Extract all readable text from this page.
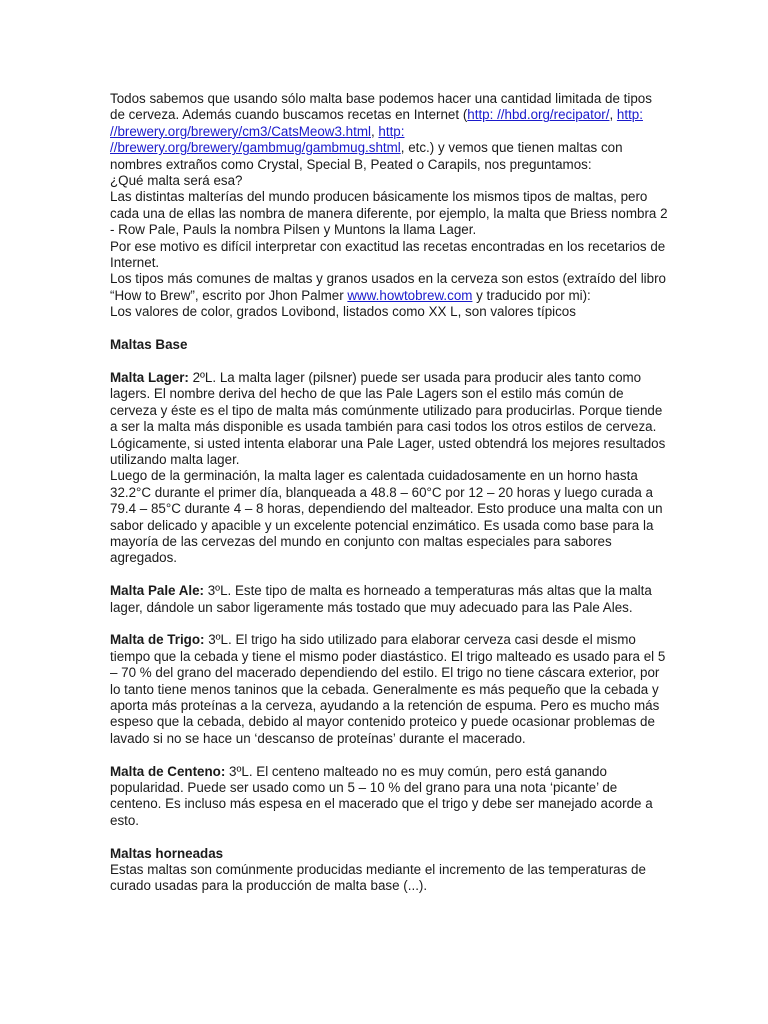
Todos sabemos que usando sólo malta base podemos hacer una cantidad limitada de tipos de cerveza. Además cuando buscamos recetas en Internet (http: //hbd.org/recipator/, http: //brewery.org/brewery/cm3/CatsMeow3.html, http: //brewery.org/brewery/gambmug/gambmug.shtml, etc.) y vemos que tienen maltas con nombres extraños como Crystal, Special B, Peated o Carapils, nos preguntamos:

¿Qué malta será esa?

Las distintas malterías del mundo producen básicamente los mismos tipos de maltas, pero cada una de ellas las nombra de manera diferente, por ejemplo, la malta que Briess nombra 2 - Row Pale, Pauls la nombra Pilsen y Muntons la llama Lager.

Por ese motivo es difícil interpretar con exactitud las recetas encontradas en los recetarios de Internet.

Los tipos más comunes de maltas y granos usados en la cerveza son estos (extraído del libro “How to Brew”, escrito por Jhon Palmer www.howtobrew.com y traducido por mi):

Los valores de color, grados Lovibond, listados como XX L, son valores típicos

Maltas Base

Malta Lager: 2ºL. La malta lager (pilsner) puede ser usada para producir ales tanto como lagers. El nombre deriva del hecho de que las Pale Lagers son el estilo más común de cerveza y éste es el tipo de malta más comúnmente utilizado para producirlas. Porque tiende a ser la malta más disponible es usada también para casi todos los otros estilos de cerveza. Lógicamente, si usted intenta elaborar una Pale Lager, usted obtendrá los mejores resultados utilizando malta lager.

Luego de la germinación, la malta lager es calentada cuidadosamente en un horno hasta 32.2°C durante el primer día, blanqueada a 48.8 – 60°C por 12 – 20 horas y luego curada a 79.4 – 85°C durante 4 – 8 horas, dependiendo del malteador. Esto produce una malta con un sabor delicado y apacible y un excelente potencial enzimático. Es usada como base para la mayoría de las cervezas del mundo en conjunto con maltas especiales para sabores agregados.

Malta Pale Ale: 3ºL. Este tipo de malta es horneado a temperaturas más altas que la malta lager, dándole un sabor ligeramente más tostado que muy adecuado para las Pale Ales.

Malta de Trigo: 3ºL. El trigo ha sido utilizado para elaborar cerveza casi desde el mismo tiempo que la cebada y tiene el mismo poder diastástico. El trigo malteado es usado para el 5 – 70 % del grano del macerado dependiendo del estilo. El trigo no tiene cáscara exterior, por lo tanto tiene menos taninos que la cebada. Generalmente es más pequeño que la cebada y aporta más proteínas a la cerveza, ayudando a la retención de espuma. Pero es mucho más espeso que la cebada, debido al mayor contenido proteico y puede ocasionar problemas de lavado si no se hace un ‘descanso de proteínas’ durante el macerado.

Malta de Centeno: 3ºL. El centeno malteado no es muy común, pero está ganando popularidad. Puede ser usado como un 5 – 10 % del grano para una nota ‘picante’ de centeno. Es incluso más espesa en el macerado que el trigo y debe ser manejado acorde a esto.

Maltas horneadas

Estas maltas son comúnmente producidas mediante el incremento de las temperaturas de curado usadas para la producción de malta base (...).
